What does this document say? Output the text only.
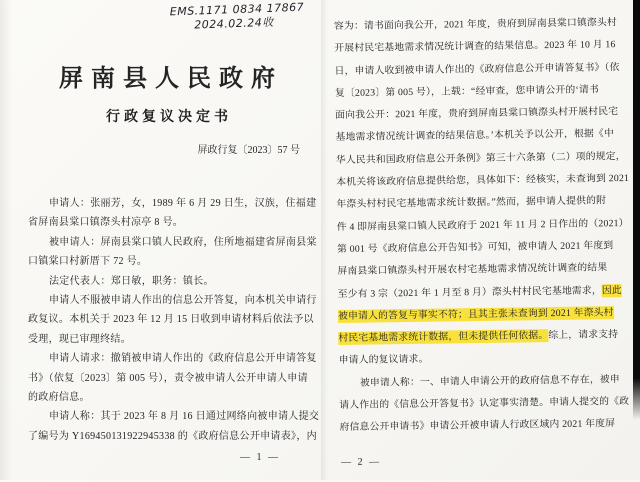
EMS.1171 0834 17867
2024.02.24收
屏南县人民政府
行政复议决定书
屏政行复〔2023〕57 号
申请人：张丽芳，女，1989 年 6 月 29 日生，汉族，住福建
省屏南县棠口镇漈头村凉亭 8 号。
被申请人：屏南县棠口镇人民政府，住所地福建省屏南县棠
口镇棠口村新厝下 72 号。
法定代表人：郑日敏，职务：镇长。
申请人不服被申请人作出的信息公开答复，向本机关申请行
政复议。本机关于 2023 年 12 月 15 日收到申请材料后依法予以
受理，现已审理终结。
申请人请求：撤销被申请人作出的《政府信息公开申请答复
书》（依复〔2023〕第 005 号），责令被申请人公开申请人申请
的政府信息。
申请人称：其于 2023 年 8 月 16 日通过网络向被申请人提交
了编号为 Y169450131922945338 的《政府信息公开申请表》，内
— 1 —
容为：请书面向我公开，2021 年度，贵府到屏南县棠口镇漈头村
开展村民宅基地需求情况统计调查的结果信息。2023 年 10 月 16
日，申请人收到被申请人作出的《政府信息公开申请答复书》（依
复〔2023〕第 005 号），上载：“经审查，您申请公开的‘请书
面向我公开：2021 年度，贵府到屏南县棠口镇漈头村开展村民宅
基地需求情况统计调查的结果信息。’本机关予以公开，根据《中
华人民共和国政府信息公开条例》第三十六条第（二）项的规定，
本机关将该政府信息提供给您，具体如下：经核实，未查询到 2021
年漈头村村民宅基地需求统计数据。”然而，据申请人提供的附
件 4 即屏南县棠口镇人民政府于 2021 年 11 月 2 日作出的（2021）
第 001 号《政府信息公开告知书》可知，被申请人 2021 年度到
屏南县棠口镇漈头村开展农村宅基地需求情况统计调查的结果
至少有 3 宗（2021 年 1 月至 8 月）漈头村村民宅基地需求，因此
被申请人的答复与事实不符；且其主张未查询到 2021 年漈头村
村民宅基地需求统计数据，但未提供任何依据。综上，请求支持
申请人的复议请求。
被申请人称：一、申请人申请公开的政府信息不存在，被申
请人作出的《信息公开答复书》认定事实清楚。申请人提交的《政
府信息公开申请书》申请公开被申请人行政区域内 2021 年度屏
— 2 —
